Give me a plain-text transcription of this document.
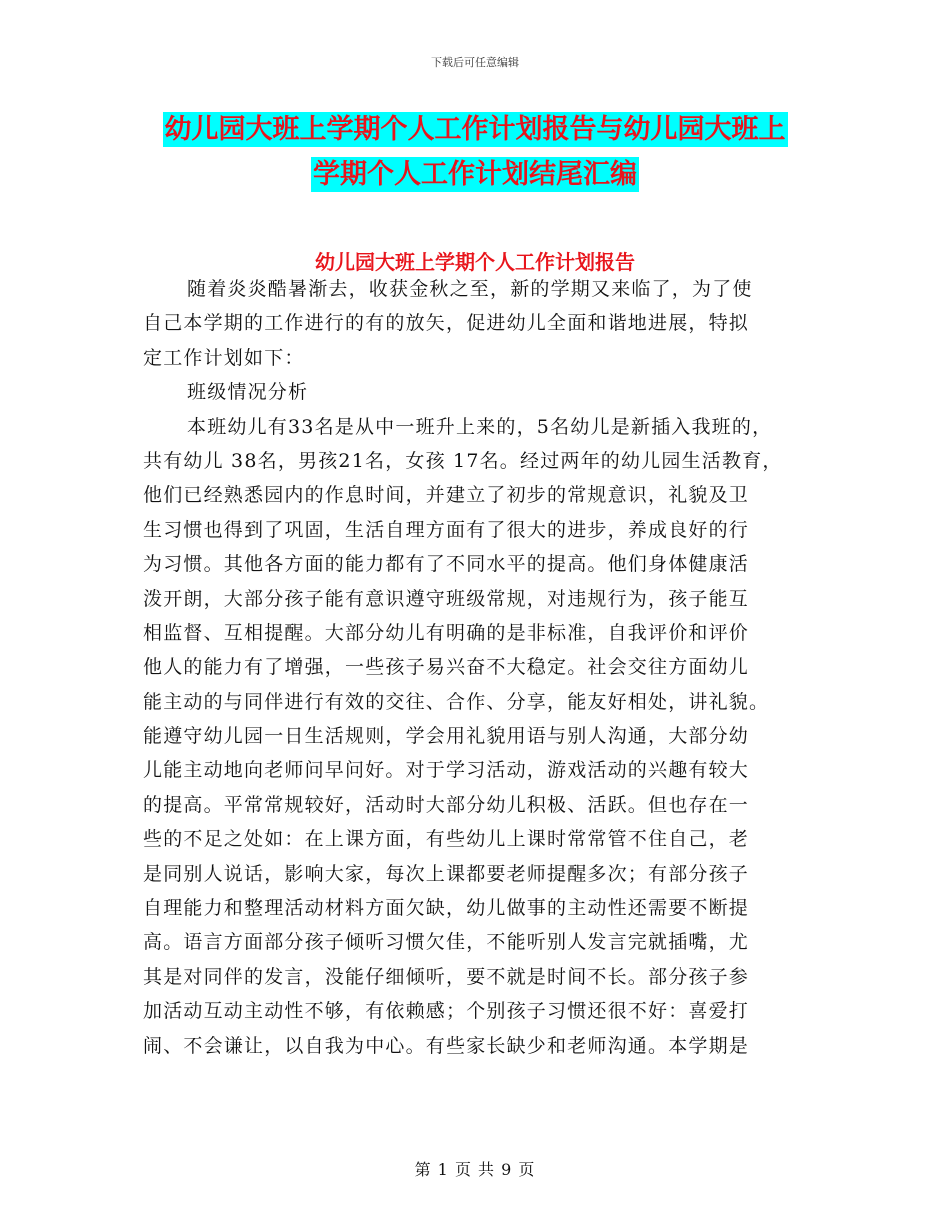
下载后可任意编辑
幼儿园大班上学期个人工作计划报告与幼儿园大班上
学期个人工作计划结尾汇编
幼儿园大班上学期个人工作计划报告
随着炎炎酷暑渐去，收获金秋之至，新的学期又来临了，为了使
自己本学期的工作进行的有的放矢，促进幼儿全面和谐地进展，特拟
定工作计划如下：
班级情况分析
本班幼儿有33名是从中一班升上来的，5名幼儿是新插入我班的，
共有幼儿 38名，男孩21名，女孩 17名。经过两年的幼儿园生活教育，
他们已经熟悉园内的作息时间，并建立了初步的常规意识，礼貌及卫
生习惯也得到了巩固，生活自理方面有了很大的进步，养成良好的行
为习惯。其他各方面的能力都有了不同水平的提高。他们身体健康活
泼开朗，大部分孩子能有意识遵守班级常规，对违规行为，孩子能互
相监督、互相提醒。大部分幼儿有明确的是非标准，自我评价和评价
他人的能力有了增强，一些孩子易兴奋不大稳定。社会交往方面幼儿
能主动的与同伴进行有效的交往、合作、分享，能友好相处，讲礼貌。
能遵守幼儿园一日生活规则，学会用礼貌用语与别人沟通，大部分幼
儿能主动地向老师问早问好。对于学习活动，游戏活动的兴趣有较大
的提高。平常常规较好，活动时大部分幼儿积极、活跃。但也存在一
些的不足之处如：在上课方面，有些幼儿上课时常常管不住自己，老
是同别人说话，影响大家，每次上课都要老师提醒多次；有部分孩子
自理能力和整理活动材料方面欠缺，幼儿做事的主动性还需要不断提
高。语言方面部分孩子倾听习惯欠佳，不能听别人发言完就插嘴，尤
其是对同伴的发言，没能仔细倾听，要不就是时间不长。部分孩子参
加活动互动主动性不够，有依赖感；个别孩子习惯还很不好：喜爱打
闹、不会谦让，以自我为中心。有些家长缺少和老师沟通。本学期是
第 1 页 共 9 页
